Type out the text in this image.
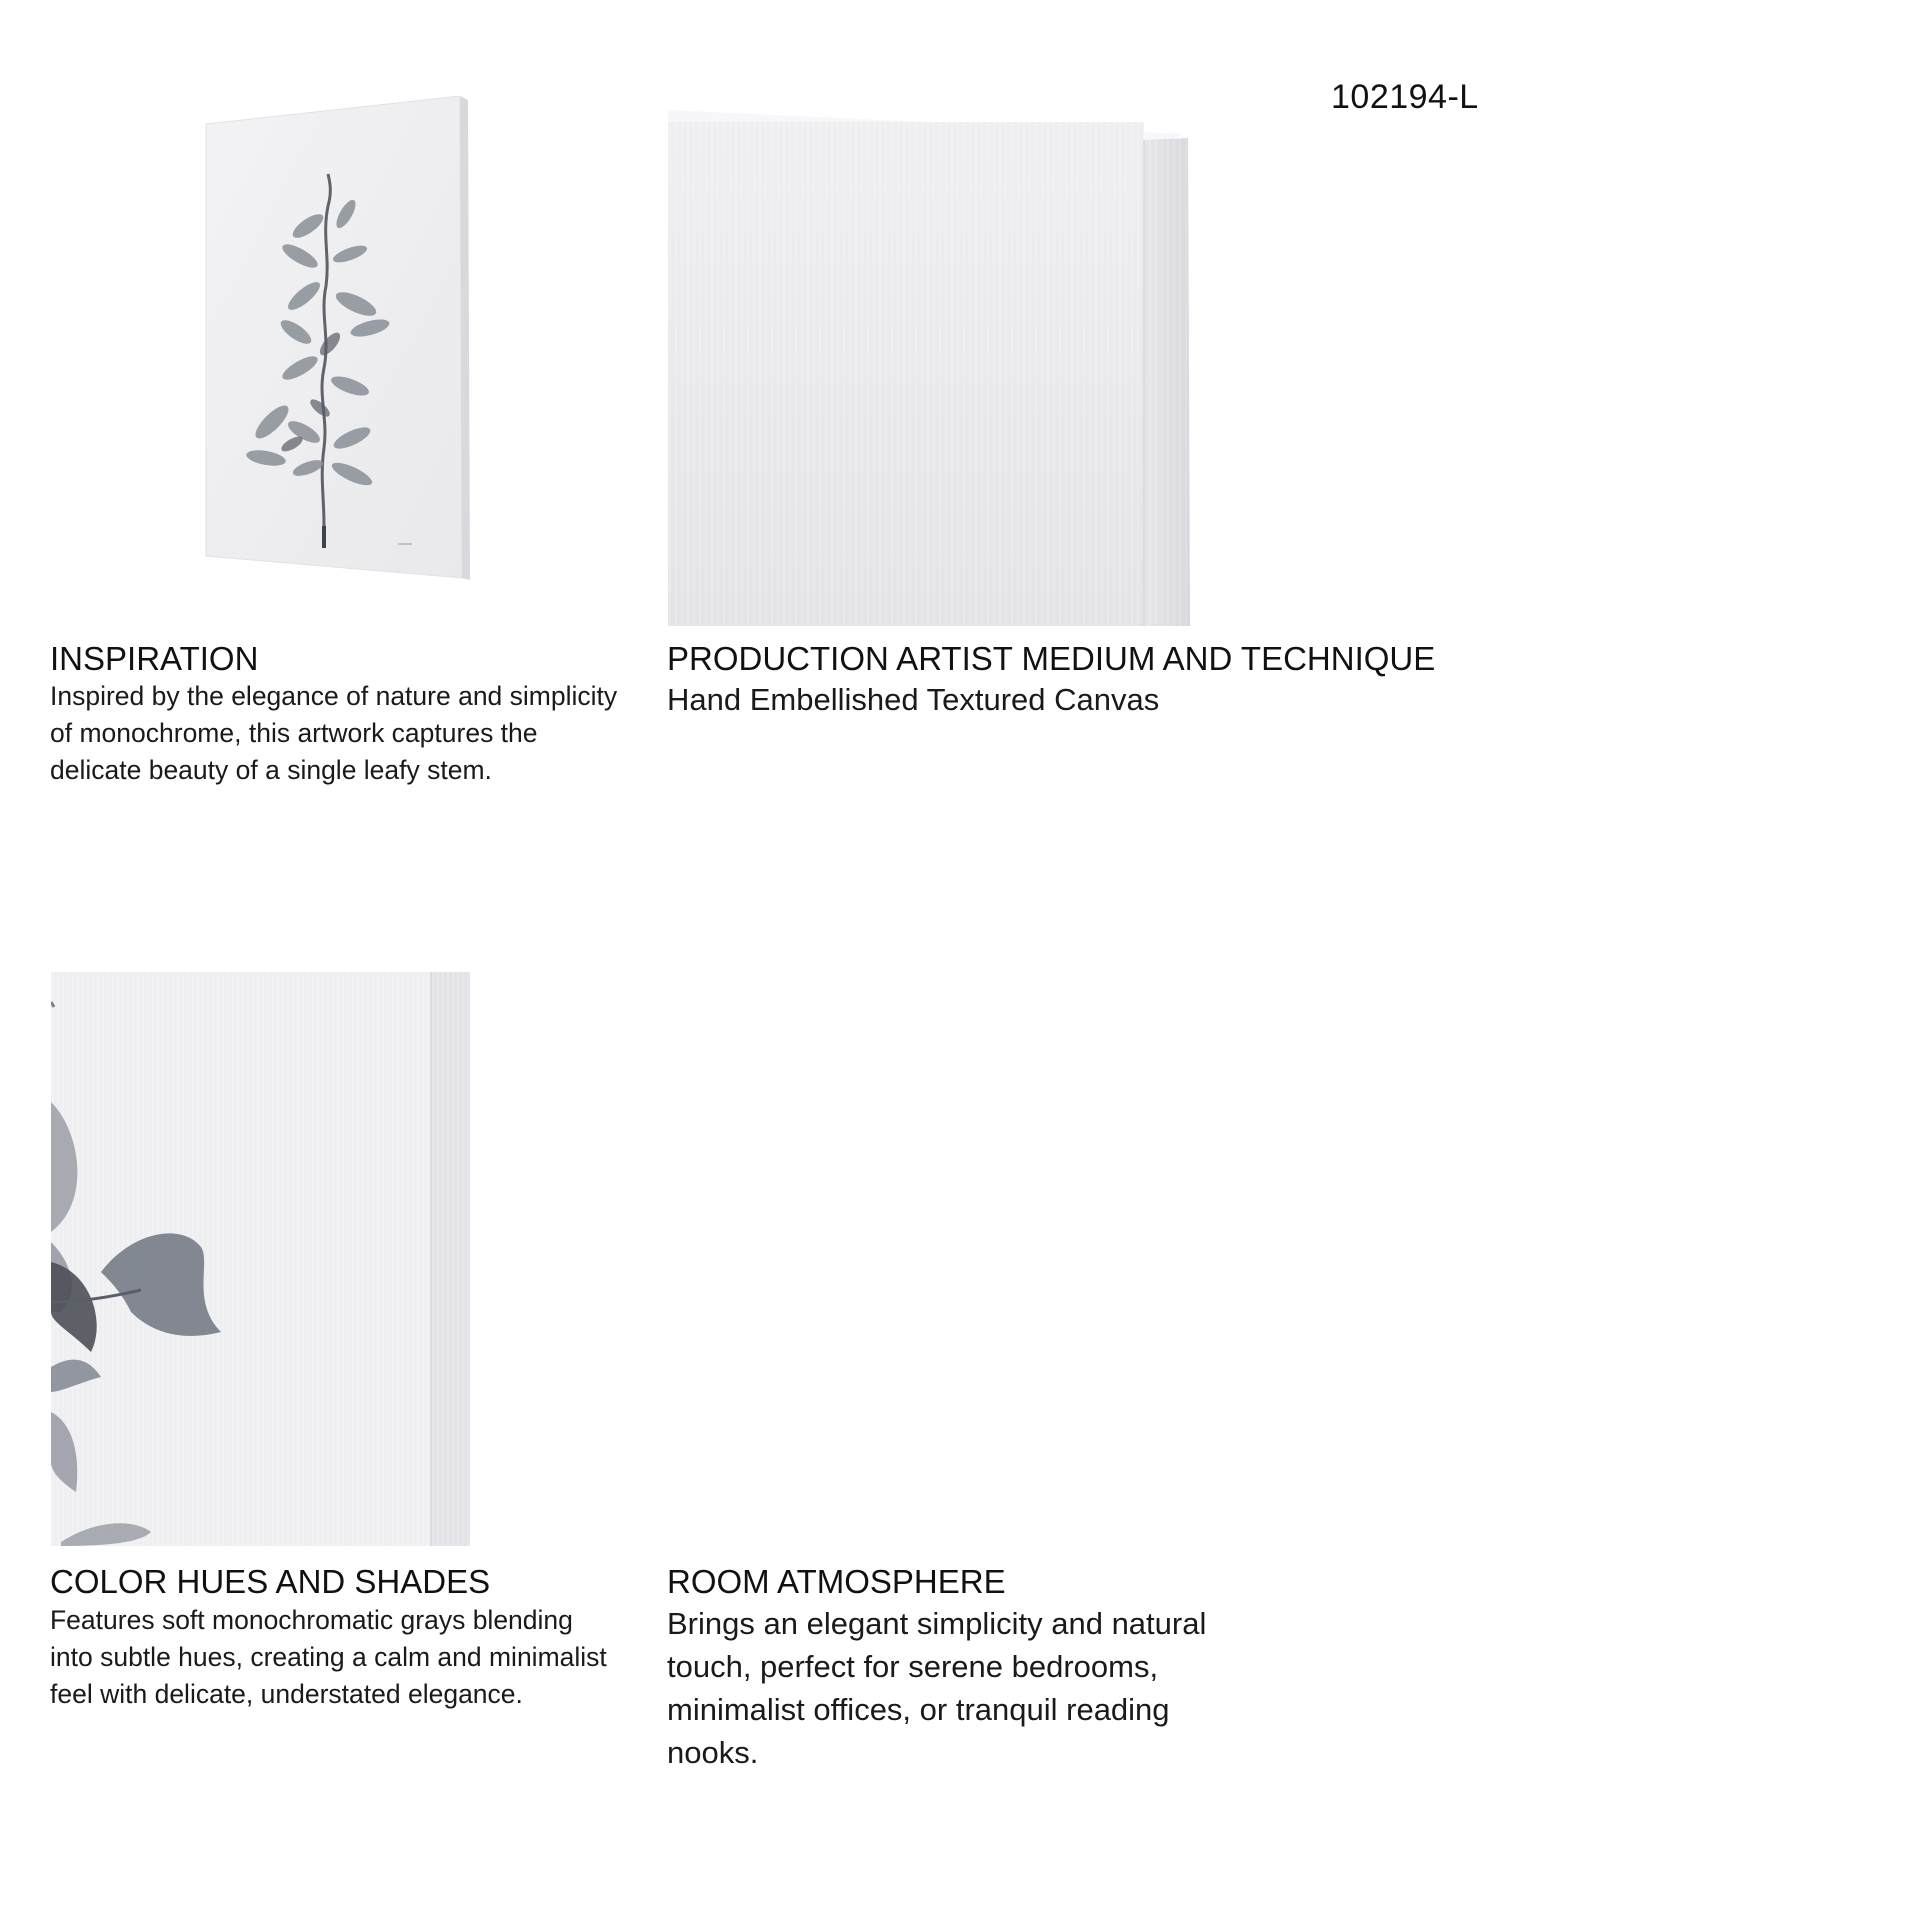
102194-L
INSPIRATION
Inspired by the elegance of nature and simplicity of monochrome, this artwork captures the delicate beauty of a single leafy stem.
PRODUCTION ARTIST MEDIUM AND TECHNIQUE
Hand Embellished Textured Canvas
COLOR HUES AND SHADES
Features soft monochromatic grays blending into subtle hues, creating a calm and minimalist feel with delicate, understated elegance.
ROOM ATMOSPHERE
Brings an elegant simplicity and natural touch, perfect for serene bedrooms, minimalist offices, or tranquil reading nooks.
